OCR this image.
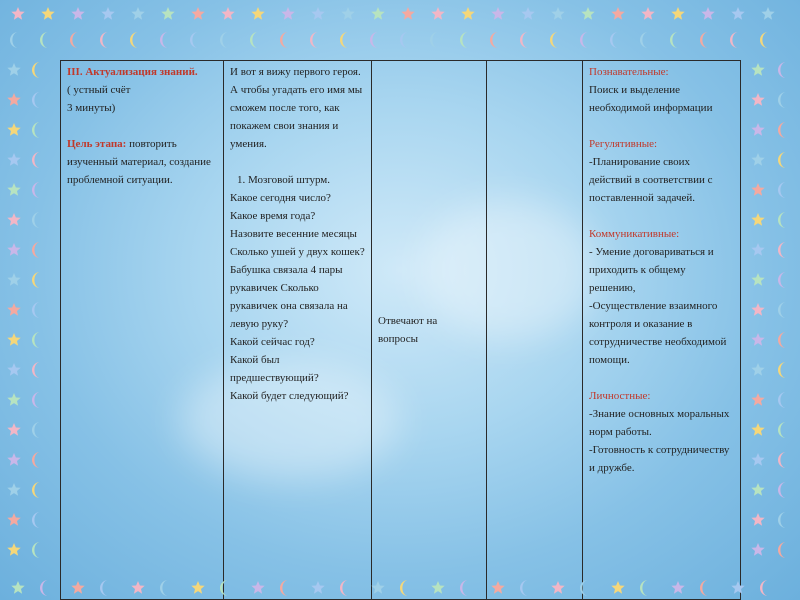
III. Актуализация знаний.
( устный счёт
3 минуты)
Цель этапа: повторить изученный материал, создание проблемной ситуации.	И вот я вижу первого героя. А чтобы угадать его имя мы сможем после того, как покажем свои знания и умения.
1. Мозговой штурм.
Какое сегодня число?
Какое время года?
Назовите весенние месяцы
Сколько ушей у двух кошек?
Бабушка связала 4 пары рукавичек Сколько рукавичек она связала на левую руку?
Какой сейчас год?
Какой был предшествующий?
Какой будет следующий?
	Отвечают на вопросы		Познавательные:
Поиск и выделение необходимой информации
Регулятивные:
-Планирование своих действий в соответствии с поставленной задачей.
Коммуникативные:
- Умение договариваться и приходить к общему решению,
-Осуществление взаимного контроля и оказание в сотрудничестве необходимой помощи.
Личностные:
-Знание основных моральных норм работы.
-Готовность к сотрудничеству и дружбе.
